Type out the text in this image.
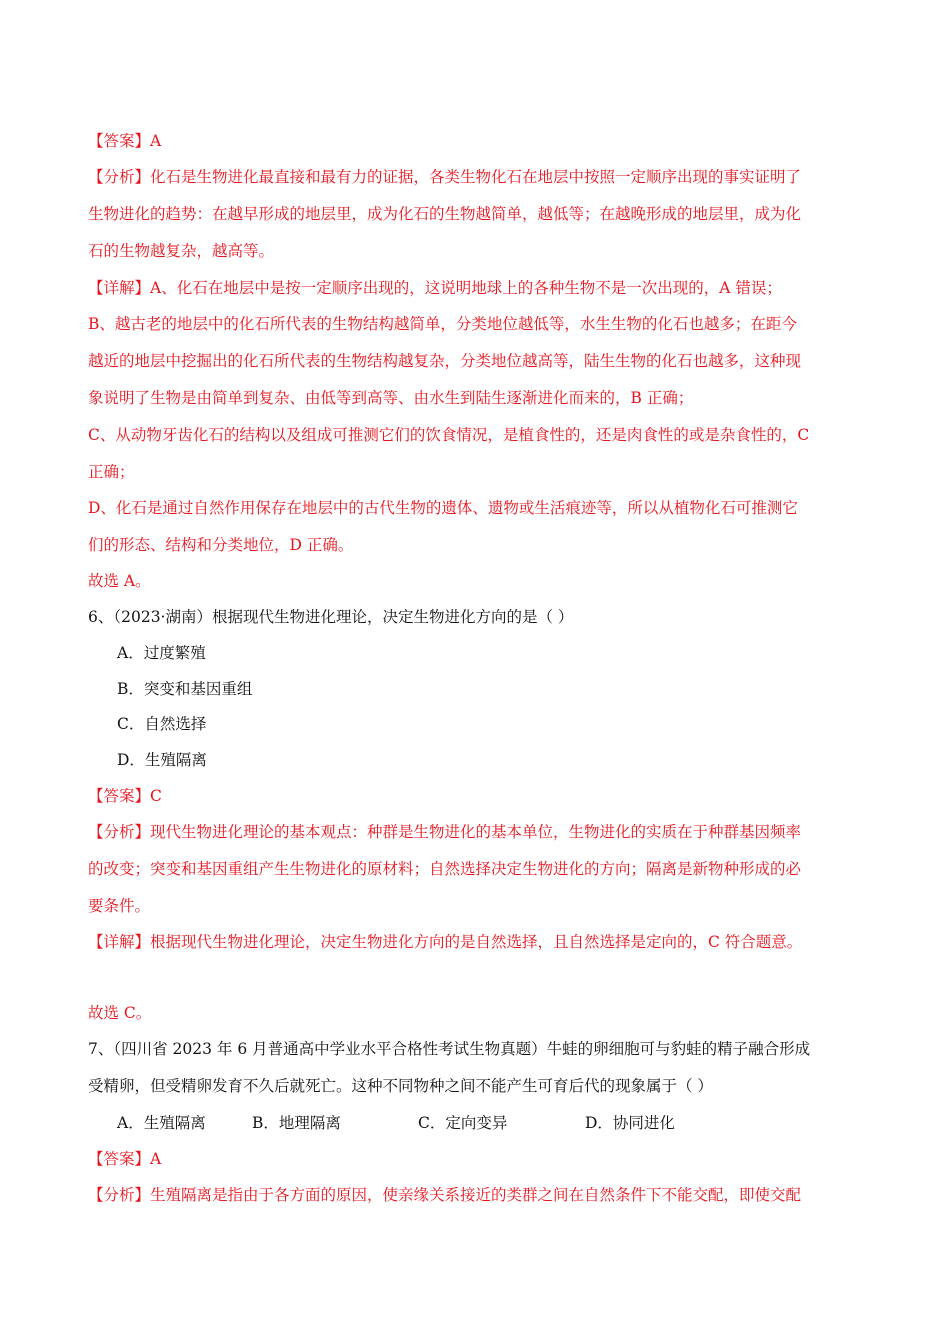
【答案】A
【分析】化石是生物进化最直接和最有力的证据，各类生物化石在地层中按照一定顺序出现的事实证明了
生物进化的趋势：在越早形成的地层里，成为化石的生物越简单，越低等；在越晚形成的地层里，成为化
石的生物越复杂，越高等。
【详解】A、化石在地层中是按一定顺序出现的，这说明地球上的各种生物不是一次出现的，A 错误；
B、越古老的地层中的化石所代表的生物结构越简单，分类地位越低等，水生生物的化石也越多；在距今
越近的地层中挖掘出的化石所代表的生物结构越复杂，分类地位越高等，陆生生物的化石也越多，这种现
象说明了生物是由简单到复杂、由低等到高等、由水生到陆生逐渐进化而来的，B 正确；
C、从动物牙齿化石的结构以及组成可推测它们的饮食情况，是植食性的，还是肉食性的或是杂食性的，C
正确；
D、化石是通过自然作用保存在地层中的古代生物的遗体、遗物或生活痕迹等，所以从植物化石可推测它
们的形态、结构和分类地位，D 正确。
故选 A。
6、（2023·湖南）根据现代生物进化理论，决定生物进化方向的是（ ）
A．过度繁殖
B．突变和基因重组
C．自然选择
D．生殖隔离
【答案】C
【分析】现代生物进化理论的基本观点：种群是生物进化的基本单位，生物进化的实质在于种群基因频率
的改变；突变和基因重组产生生物进化的原材料；自然选择决定生物进化的方向；隔离是新物种形成的必
要条件。
【详解】根据现代生物进化理论，决定生物进化方向的是自然选择，且自然选择是定向的，C 符合题意。
故选 C。
7、（四川省 2023 年 6 月普通高中学业水平合格性考试生物真题）牛蛙的卵细胞可与豹蛙的精子融合形成
受精卵，但受精卵发育不久后就死亡。这种不同物种之间不能产生可育后代的现象属于（ ）
A．生殖隔离	B．地理隔离	C．定向变异	D．协同进化
【答案】A
【分析】生殖隔离是指由于各方面的原因，使亲缘关系接近的类群之间在自然条件下不能交配，即使交配
